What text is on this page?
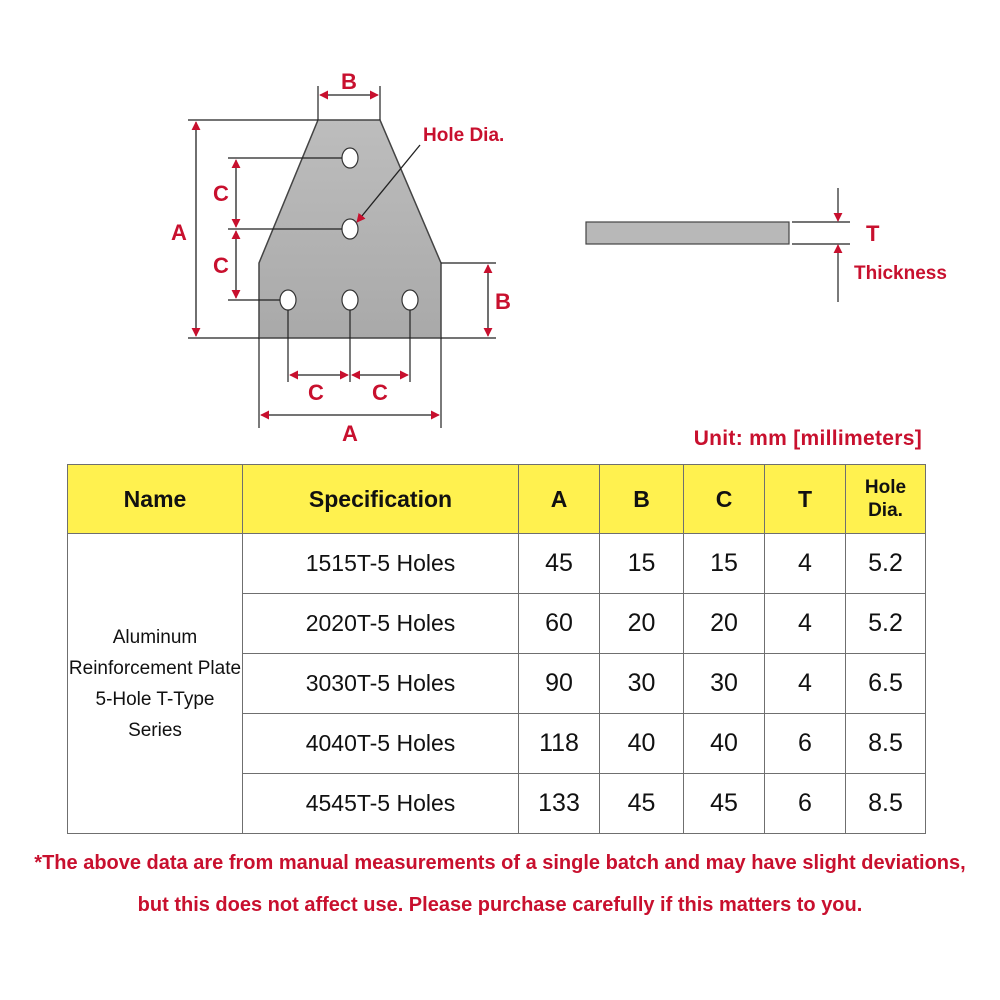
B
A
C
C
B
C C
A
Hole Dia.
T
Thickness
Unit: mm [millimeters]
Name	Specification	A	B	C	T	Hole
Dia.
Aluminum
Reinforcement Plate
5-Hole T-Type Series	1515T-5 Holes	45	15	15	4	5.2
	2020T-5 Holes	60	20	20	4	5.2
	3030T-5 Holes	90	30	30	4	6.5
	4040T-5 Holes	118	40	40	6	8.5
	4545T-5 Holes	133	45	45	6	8.5
*The above data are from manual measurements of a single batch and may have slight deviations,
but this does not affect use. Please purchase carefully if this matters to you.
